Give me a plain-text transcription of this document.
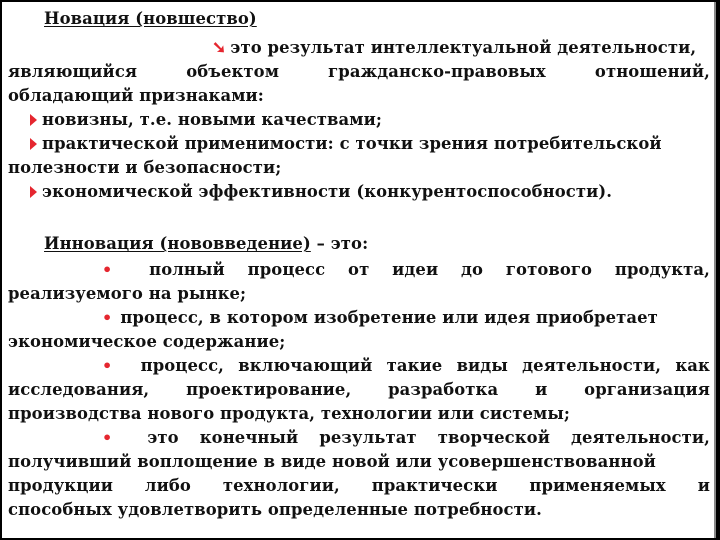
Новация (новшество)
➘ это результат интеллектуальной деятельности,
являющийся	объектом	гражданско-правовых	отношений,
обладающий признаками:
новизны, т.е. новыми качествами;
практической применимости: с точки зрения потребительской
полезности и безопасности;
экономической эффективности (конкурентоспособности).
Инновация (нововведение) – это:
• полный процесс от идеи до готового продукта,
реализуемого на рынке;
• процесс, в котором изобретение или идея приобретает
экономическое содержание;
• процесс, включающий такие виды деятельности, как
исследования, проектирование, разработка и организация
производства нового продукта, технологии или системы;
• это конечный результат творческой деятельности,
получивший воплощение в виде новой или усовершенствованной
продукции либо технологии, практически применяемых и
способных удовлетворить определенные потребности.
